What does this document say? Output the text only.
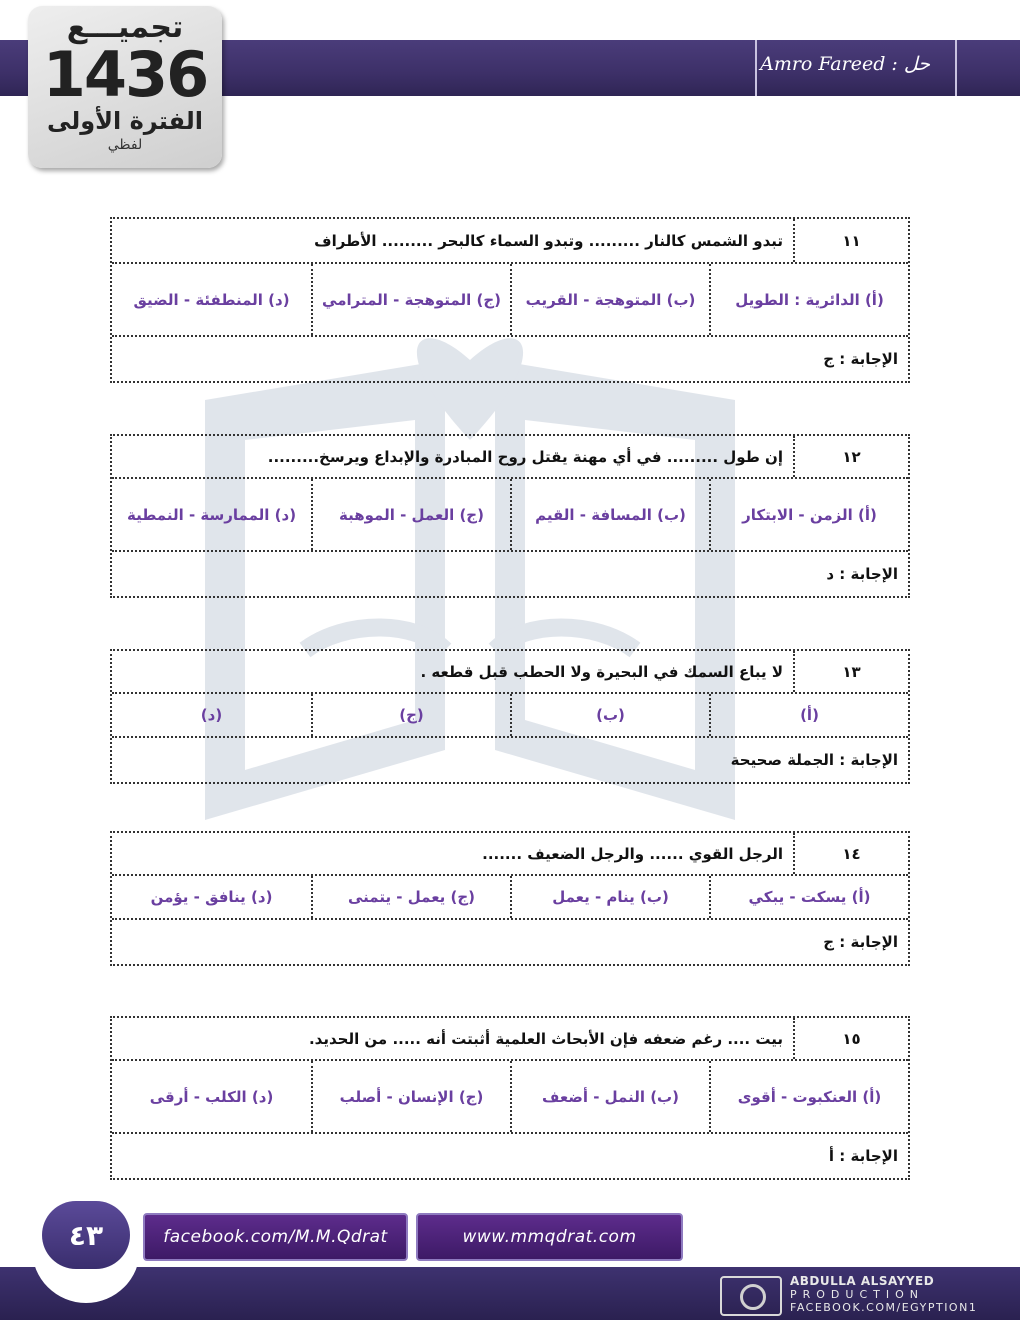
حل : Amro Fareed
تجميـــع
1436
الفترة الأولى
لفظي
١١
تبدو الشمس كالنار ......... وتبدو السماء كالبحر ......... الأطراف
(أ) الدائرية : الطويل
(ب) المتوهجة - القريب
(ج) المتوهجة - المترامي
(د) المنطفئة - الضيق
الإجابة : ج
١٢
إن طول ......... في أي مهنة يقتل روح المبادرة والإبداع ويرسخ.........
(أ) الزمن - الابتكار
(ب) المسافة - القيم
(ج) العمل - الموهبة
(د) الممارسة - النمطية
الإجابة : د
١٣
لا يباع السمك في البحيرة ولا الحطب قبل قطعه .
(أ)
(ب)
(ج)
(د)
الإجابة : الجملة صحيحة
١٤
الرجل القوي ...... والرجل الضعيف .......
(أ) يسكت - يبكي
(ب) ينام - يعمل
(ج) يعمل - يتمنى
(د) ينافق - يؤمن
الإجابة : ج
١٥
بيت .... رغم ضعفه فإن الأبحاث العلمية أثبتت أنه ..... من الحديد.
(أ) العنكبوت - أقوى
(ب) النمل - أضعف
(ج) الإنسان - أصلب
(د) الكلب - أرقى
الإجابة : أ
٤٣	facebook.com/M.M.Qdrat	www.mmqdrat.com
ABDULLA ALSAYYED
PRODUCTION
FACEBOOK.COM/EGYPTION1
